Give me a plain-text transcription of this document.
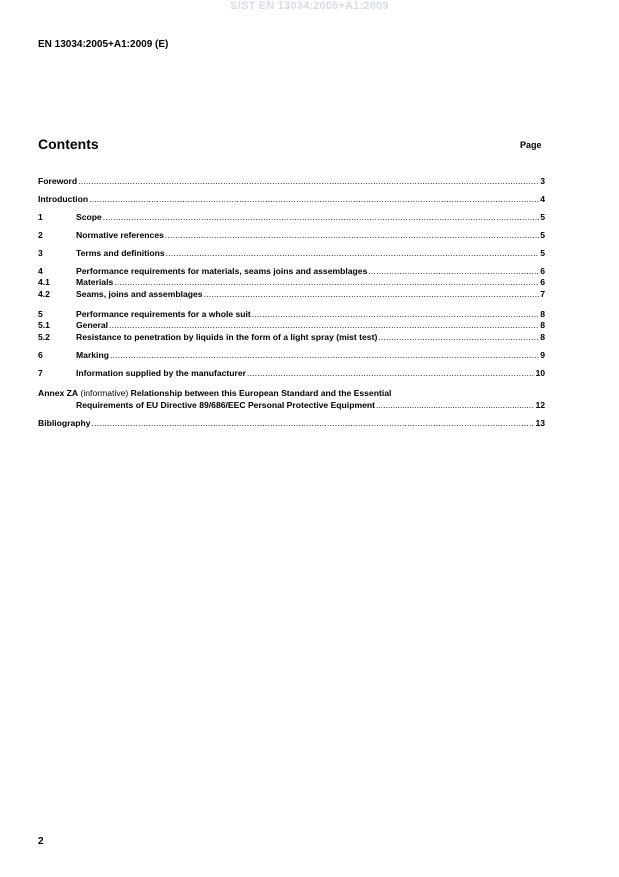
SIST EN 13034:2005+A1:2009
EN 13034:2005+A1:2009 (E)
Contents	Page
Foreword .....	3
Introduction .....	4
1	Scope .....	5
2	Normative references .....	5
3	Terms and definitions .....	5
4	Performance requirements for materials, seams joins and assemblages .....	6
4.1	Materials .....	6
4.2	Seams, joins and assemblages .....	7
5	Performance requirements for a whole suit .....	8
5.1	General .....	8
5.2	Resistance to penetration by liquids in the form of a light spray (mist test) .....	8
6	Marking .....	9
7	Information supplied by the manufacturer .....	10
Annex ZA (informative) Relationship between this European Standard and the Essential
Requirements of EU Directive 89/686/EEC Personal Protective Equipment .....	12
Bibliography .....	13
2
